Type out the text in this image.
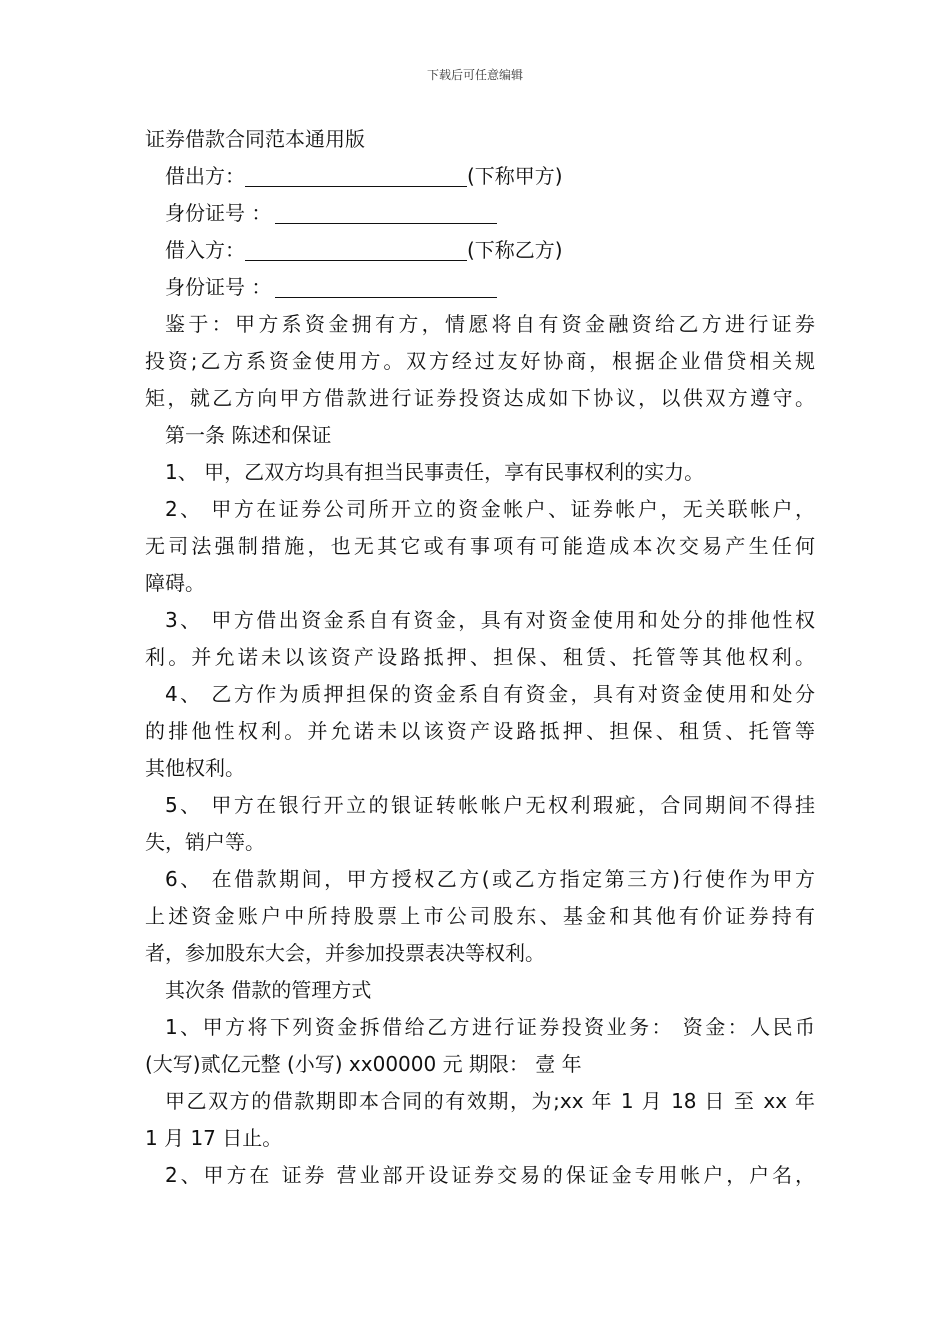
下载后可任意编辑
证券借款合同范本通用版
借出方：	(下称甲方)
身份证号 ：
借入方：	(下称乙方)
身份证号 ：
鉴于：甲方系资金拥有方，情愿将自有资金融资给乙方进行证券
投资;乙方系资金使用方。双方经过友好协商，根据企业借贷相关规
矩，就乙方向甲方借款进行证券投资达成如下协议，以供双方遵守。
第一条 陈述和保证
1、 甲，乙双方均具有担当民事责任，享有民事权利的实力。
2、 甲方在证券公司所开立的资金帐户、证券帐户，无关联帐户，
无司法强制措施，也无其它或有事项有可能造成本次交易产生任何
障碍。
3、 甲方借出资金系自有资金，具有对资金使用和处分的排他性权
利。并允诺未以该资产设路抵押、担保、租赁、托管等其他权利。
4、 乙方作为质押担保的资金系自有资金，具有对资金使用和处分
的排他性权利。并允诺未以该资产设路抵押、担保、租赁、托管等
其他权利。
5、 甲方在银行开立的银证转帐帐户无权利瑕疵，合同期间不得挂
失，销户等。
6、 在借款期间，甲方授权乙方(或乙方指定第三方)行使作为甲方
上述资金账户中所持股票上市公司股东、基金和其他有价证券持有
者，参加股东大会，并参加投票表决等权利。
其次条 借款的管理方式
1、甲方将下列资金拆借给乙方进行证券投资业务： 资金：人民币
(大写)贰亿元整 (小写) xx00000 元 期限： 壹 年
甲乙双方的借款期即本合同的有效期，为;xx 年 1 月 18 日 至 xx 年
1 月 17 日止。
2、甲方在 证券 营业部开设证券交易的保证金专用帐户，户名，
